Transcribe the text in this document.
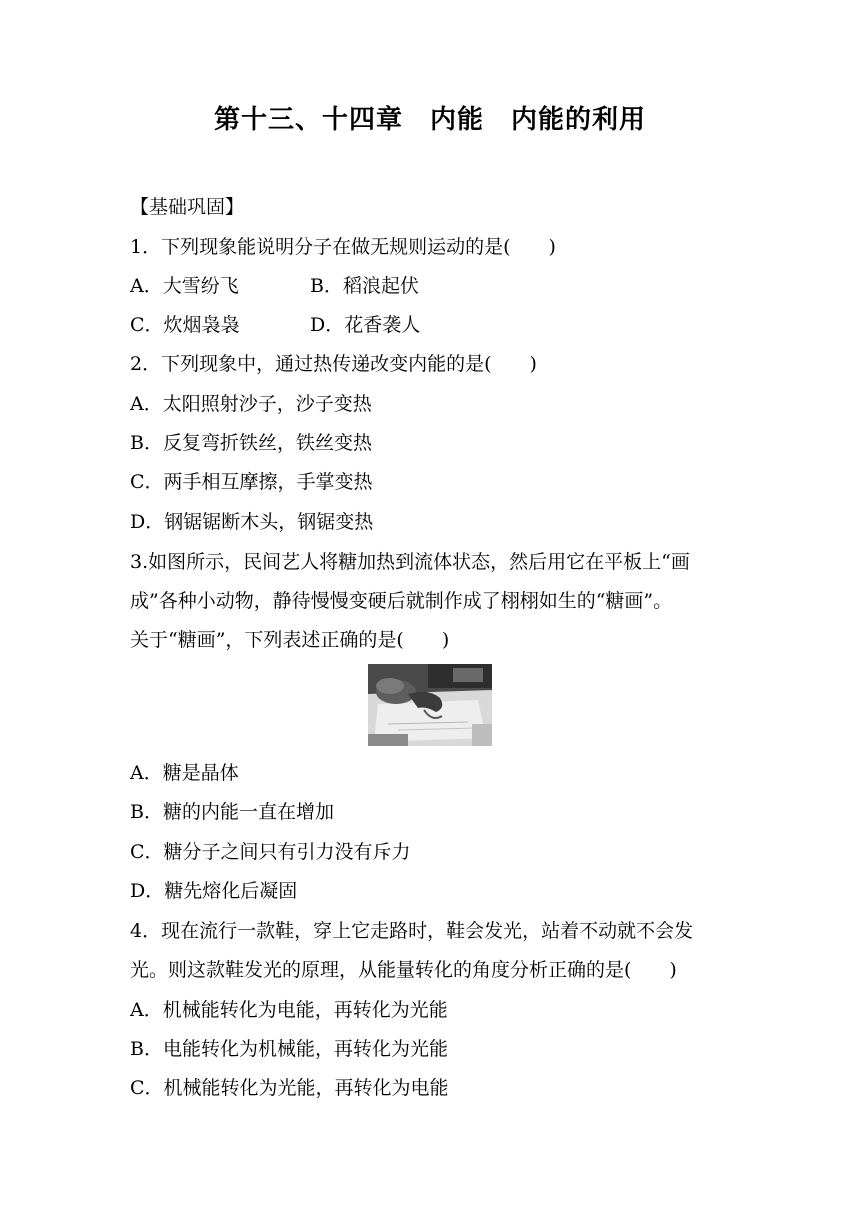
第十三、十四章　内能　内能的利用
【基础巩固】
1．下列现象能说明分子在做无规则运动的是(　　)
A．大雪纷飞	B．稻浪起伏
C．炊烟袅袅	D．花香袭人
2．下列现象中，通过热传递改变内能的是(　　)
A．太阳照射沙子，沙子变热
B．反复弯折铁丝，铁丝变热
C．两手相互摩擦，手掌变热
D．钢锯锯断木头，钢锯变热
3.如图所示，民间艺人将糖加热到流体状态，然后用它在平板上“画
成”各种小动物，静待慢慢变硬后就制作成了栩栩如生的“糖画”。
关于“糖画”，下列表述正确的是(　　)
A．糖是晶体
B．糖的内能一直在增加
C．糖分子之间只有引力没有斥力
D．糖先熔化后凝固
4．现在流行一款鞋，穿上它走路时，鞋会发光，站着不动就不会发
光。则这款鞋发光的原理，从能量转化的角度分析正确的是(　　)
A．机械能转化为电能，再转化为光能
B．电能转化为机械能，再转化为光能
C．机械能转化为光能，再转化为电能
